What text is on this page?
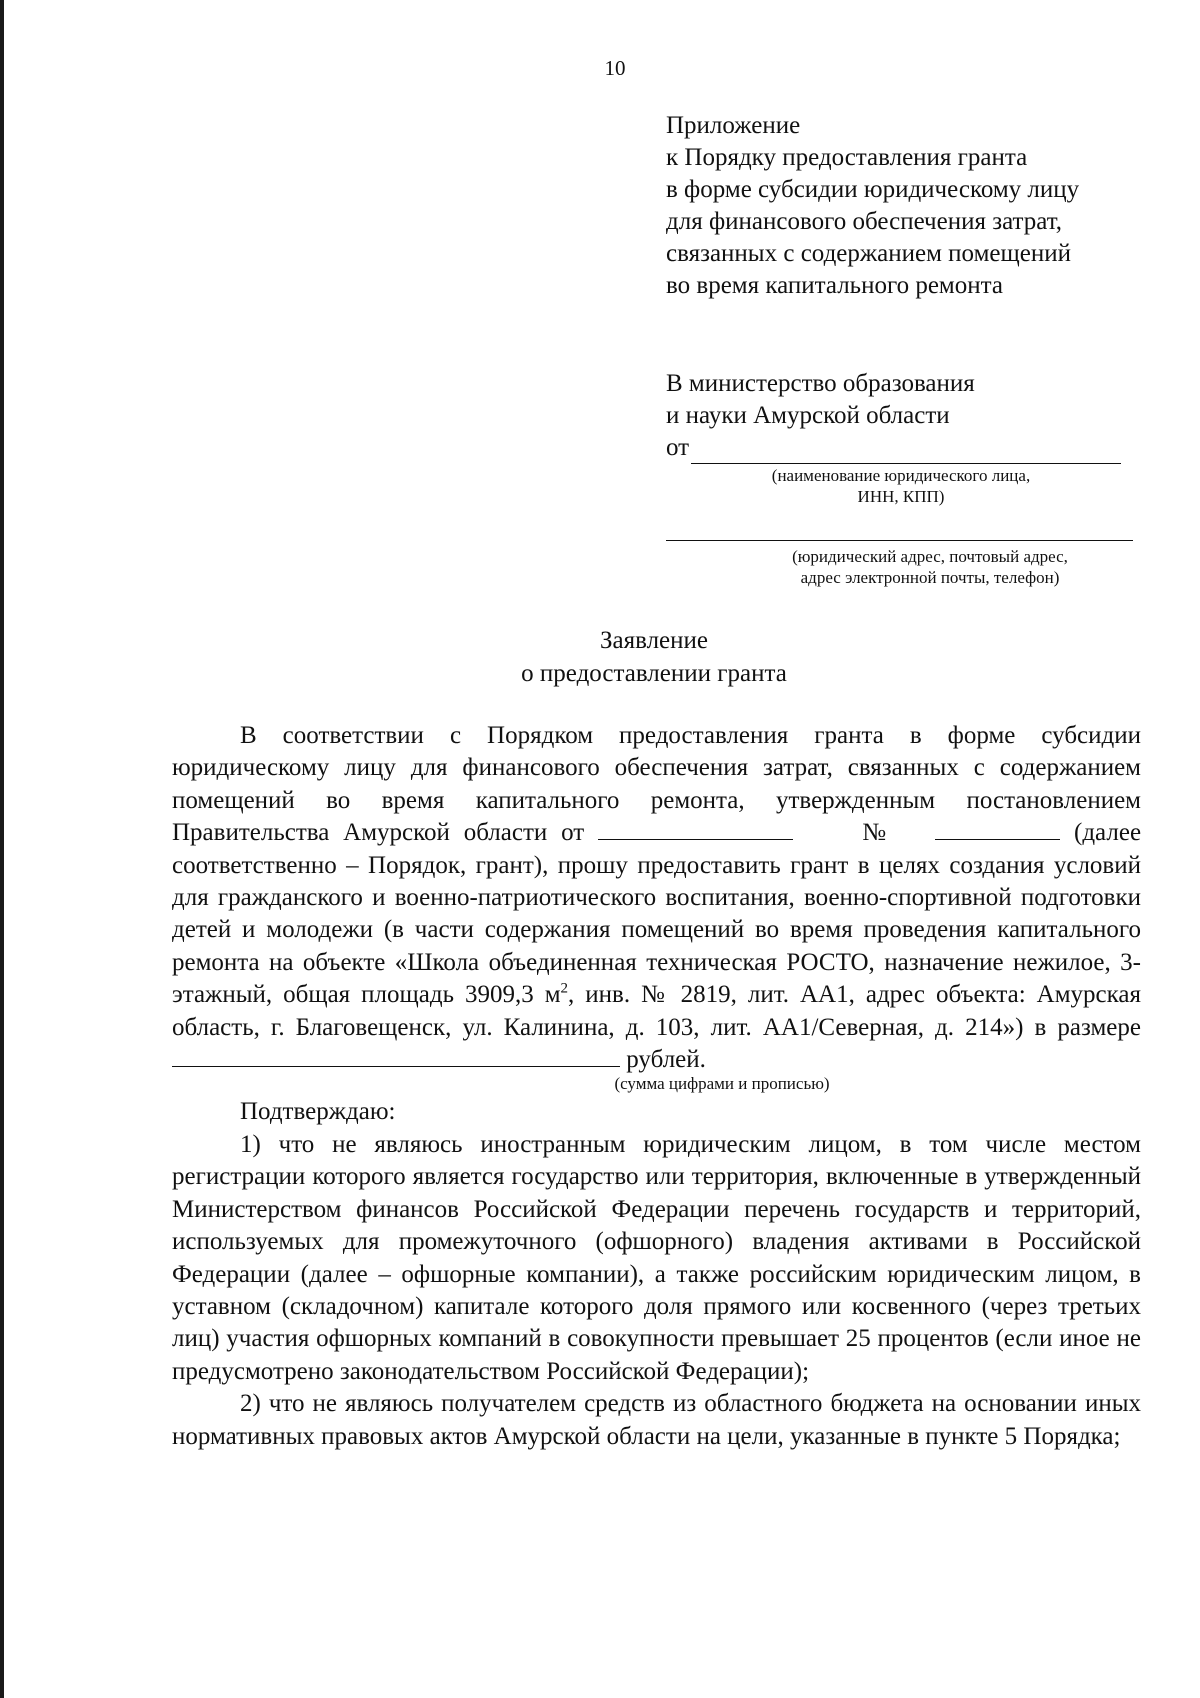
10
Приложение
к Порядку предоставления гранта
в форме субсидии юридическому лицу
для финансового обеспечения затрат,
связанных с содержанием помещений
во время капитального ремонта
В министерство образования
и науки Амурской области
от
(наименование юридического лица,
ИНН, КПП)
(юридический адрес, почтовый адрес,
адрес электронной почты, телефон)
Заявление
о предоставлении гранта
В соответствии с Порядком предоставления гранта в форме субсидии юридическому лицу для финансового обеспечения затрат, связанных с содержанием помещений во время капитального ремонта, утвержденным постановлением Правительства Амурской области от	№	(далее соответственно – Порядок, грант), прошу предоставить грант в целях создания условий для гражданского и военно-патриотического воспитания, военно-спортивной подготовки детей и молодежи (в части содержания помещений во время проведения капитального ремонта на объекте «Школа объединенная техническая РОСТО, назначение нежилое, 3-этажный, общая площадь 3909,3 $м^2$, инв. № 2819, лит. АА1, адрес объекта: Амурская область, г. Благовещенск, ул. Калинина, д. 103, лит. АА1/Северная, д. 214») в размере  рублей.
(сумма цифрами и прописью)
Подтверждаю:
1) что не являюсь иностранным юридическим лицом, в том числе местом регистрации которого является государство или территория, включенные в утвержденный Министерством финансов Российской Федерации перечень государств и территорий, используемых для промежуточного (офшорного) владения активами в Российской Федерации (далее – офшорные компании), а также российским юридическим лицом, в уставном (складочном) капитале которого доля прямого или косвенного (через третьих лиц) участия офшорных компаний в совокупности превышает 25 процентов (если иное не предусмотрено законодательством Российской Федерации);
2) что не являюсь получателем средств из областного бюджета на основании иных нормативных правовых актов Амурской области на цели, указанные в пункте 5 Порядка;
